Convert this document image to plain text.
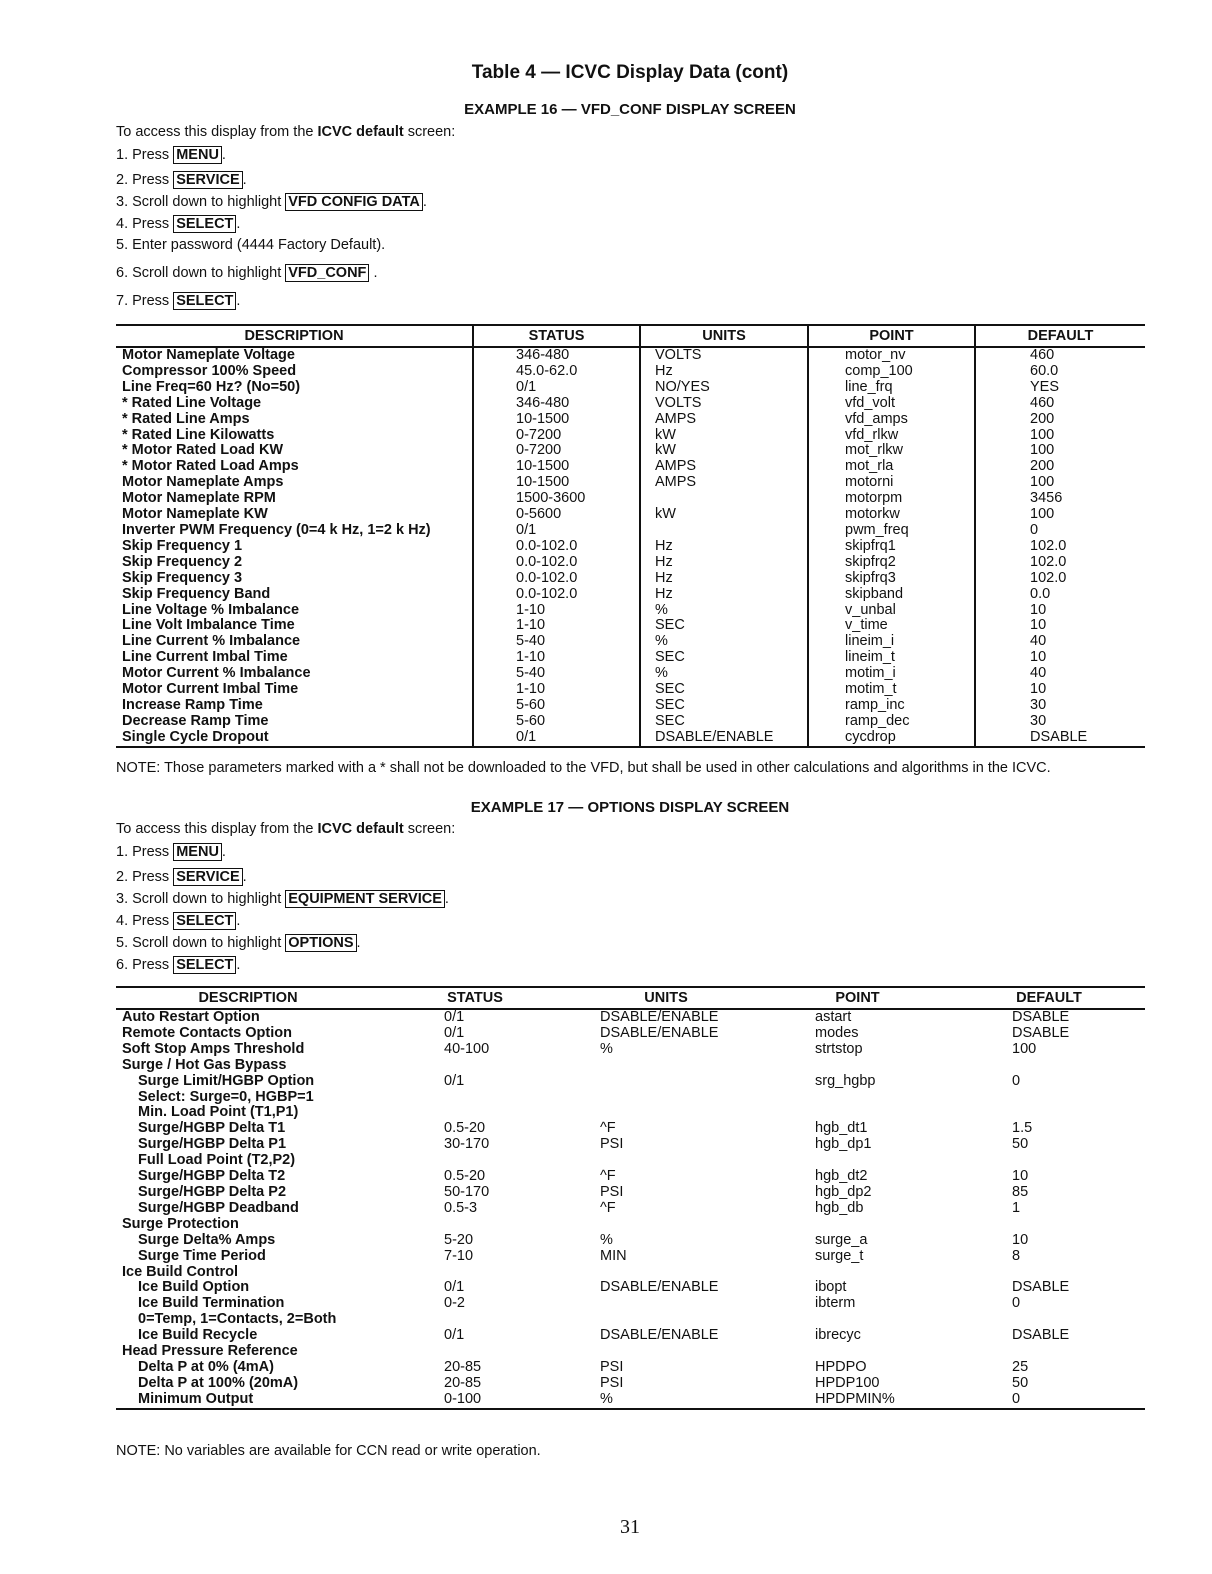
Table 4 — ICVC Display Data (cont)
EXAMPLE 16 — VFD_CONF DISPLAY SCREEN
To access this display from the ICVC default screen:
1. Press MENU .
2. Press SERVICE .
3. Scroll down to highlight VFD CONFIG DATA .
4. Press SELECT .
5. Enter password (4444 Factory Default).
6. Scroll down to highlight VFD_CONF .
7. Press SELECT .
DESCRIPTION	STATUS	UNITS	POINT	DEFAULT
Motor Nameplate Voltage	346-480	VOLTS	motor_nv	460
Compressor 100% Speed	45.0-62.0	Hz	comp_100	60.0
Line Freq=60 Hz? (No=50)	0/1	NO/YES	line_frq	YES
* Rated Line Voltage	346-480	VOLTS	vfd_volt	460
* Rated Line Amps	10-1500	AMPS	vfd_amps	200
* Rated Line Kilowatts	0-7200	kW	vfd_rlkw	100
* Motor Rated Load KW	0-7200	kW	mot_rlkw	100
* Motor Rated Load Amps	10-1500	AMPS	mot_rla	200
Motor Nameplate Amps	10-1500	AMPS	motorni	100
Motor Nameplate RPM	1500-3600		motorpm	3456
Motor Nameplate KW	0-5600	kW	motorkw	100
Inverter PWM Frequency (0=4 k Hz, 1=2 k Hz)	0/1		pwm_freq	0
Skip Frequency 1	0.0-102.0	Hz	skipfrq1	102.0
Skip Frequency 2	0.0-102.0	Hz	skipfrq2	102.0
Skip Frequency 3	0.0-102.0	Hz	skipfrq3	102.0
Skip Frequency Band	0.0-102.0	Hz	skipband	0.0
Line Voltage % Imbalance	1-10	%	v_unbal	10
Line Volt Imbalance Time	1-10	SEC	v_time	10
Line Current % Imbalance	5-40	%	lineim_i	40
Line Current Imbal Time	1-10	SEC	lineim_t	10
Motor Current % Imbalance	5-40	%	motim_i	40
Motor Current Imbal Time	1-10	SEC	motim_t	10
Increase Ramp Time	5-60	SEC	ramp_inc	30
Decrease Ramp Time	5-60	SEC	ramp_dec	30
Single Cycle Dropout	0/1	DSABLE/ENABLE	cycdrop	DSABLE
NOTE: Those parameters marked with a * shall not be downloaded to the VFD, but shall be used in other calculations and algorithms in the ICVC.
EXAMPLE 17 — OPTIONS DISPLAY SCREEN
To access this display from the ICVC default screen:
1. Press MENU .
2. Press SERVICE .
3. Scroll down to highlight EQUIPMENT SERVICE .
4. Press SELECT .
5. Scroll down to highlight OPTIONS .
6. Press SELECT .
DESCRIPTION	STATUS	UNITS	POINT	DEFAULT
Auto Restart Option	0/1	DSABLE/ENABLE	astart	DSABLE
Remote Contacts Option	0/1	DSABLE/ENABLE	modes	DSABLE
Soft Stop Amps Threshold	40-100	%	strtstop	100
Surge / Hot Gas Bypass				
Surge Limit/HGBP Option	0/1		srg_hgbp	0
Select: Surge=0, HGBP=1				
Min. Load Point (T1,P1)				
Surge/HGBP Delta T1	0.5-20	^F	hgb_dt1	1.5
Surge/HGBP Delta P1	30-170	PSI	hgb_dp1	50
Full Load Point (T2,P2)				
Surge/HGBP Delta T2	0.5-20	^F	hgb_dt2	10
Surge/HGBP Delta P2	50-170	PSI	hgb_dp2	85
Surge/HGBP Deadband	0.5-3	^F	hgb_db	1
Surge Protection				
Surge Delta% Amps	5-20	%	surge_a	10
Surge Time Period	7-10	MIN	surge_t	8
Ice Build Control				
Ice Build Option	0/1	DSABLE/ENABLE	ibopt	DSABLE
Ice Build Termination	0-2		ibterm	0
0=Temp, 1=Contacts, 2=Both				
Ice Build Recycle	0/1	DSABLE/ENABLE	ibrecyc	DSABLE
Head Pressure Reference				
Delta P at 0% (4mA)	20-85	PSI	HPDPO	25
Delta P at 100% (20mA)	20-85	PSI	HPDP100	50
Minimum Output	0-100	%	HPDPMIN%	0
NOTE: No variables are available for CCN read or write operation.
31
